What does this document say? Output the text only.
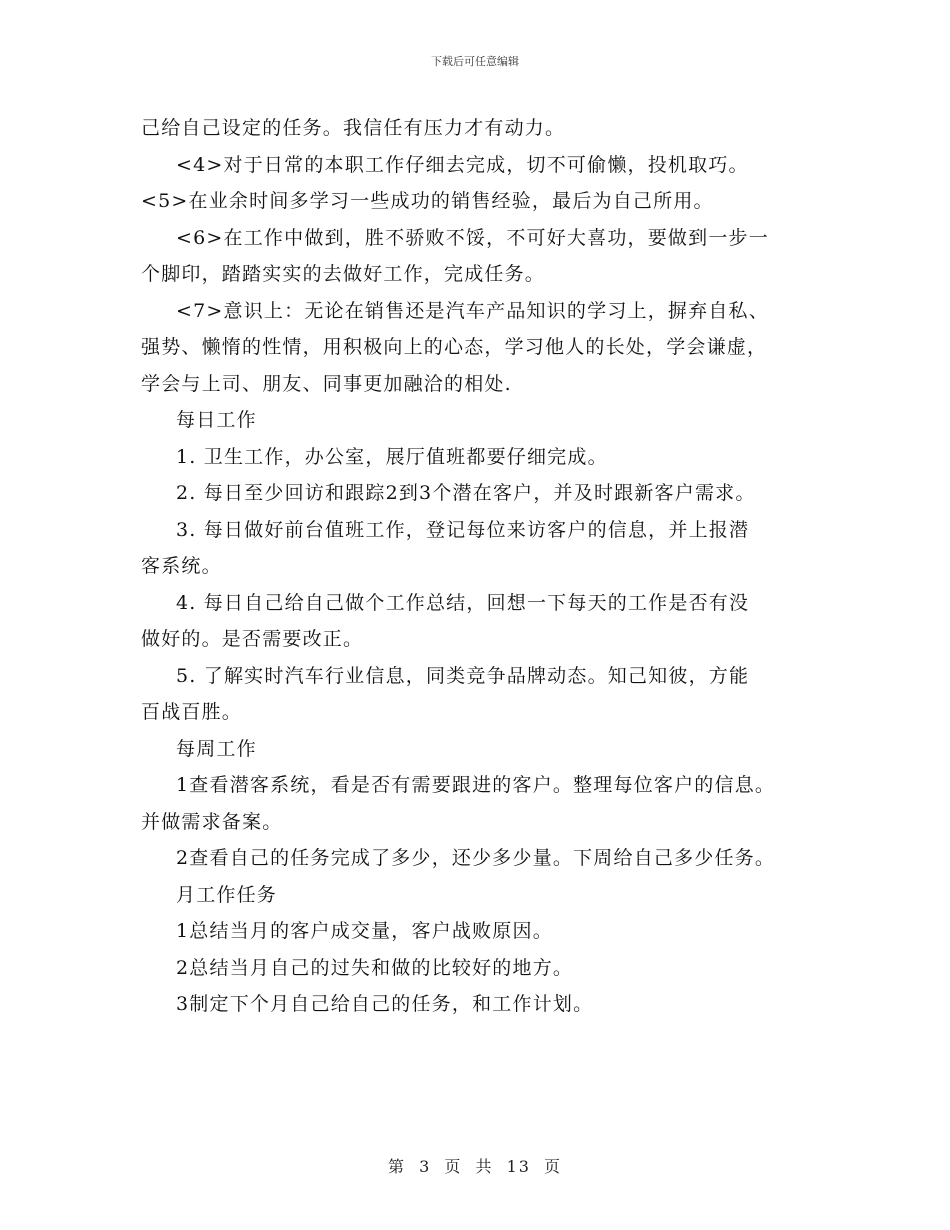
下载后可任意编辑

己给自己设定的任务。我信任有压力才有动力。

<4>对于日常的本职工作仔细去完成，切不可偷懒，投机取巧。

<5>在业余时间多学习一些成功的销售经验，最后为自己所用。

<6>在工作中做到，胜不骄败不馁，不可好大喜功，要做到一步一

个脚印，踏踏实实的去做好工作，完成任务。

<7>意识上：无论在销售还是汽车产品知识的学习上，摒弃自私、

强势、懒惰的性情，用积极向上的心态，学习他人的长处，学会谦虚，

学会与上司、朋友、同事更加融洽的相处.

每日工作

1. 卫生工作，办公室，展厅值班都要仔细完成。

2. 每日至少回访和跟踪2到3个潜在客户，并及时跟新客户需求。

3. 每日做好前台值班工作，登记每位来访客户的信息，并上报潜

客系统。

4. 每日自己给自己做个工作总结，回想一下每天的工作是否有没

做好的。是否需要改正。

5. 了解实时汽车行业信息，同类竞争品牌动态。知己知彼，方能

百战百胜。

每周工作

1查看潜客系统，看是否有需要跟进的客户。整理每位客户的信息。

并做需求备案。

2查看自己的任务完成了多少，还少多少量。下周给自己多少任务。

月工作任务

1总结当月的客户成交量，客户战败原因。

2总结当月自己的过失和做的比较好的地方。

3制定下个月自己给自己的任务，和工作计划。

第 3 页 共 13 页
